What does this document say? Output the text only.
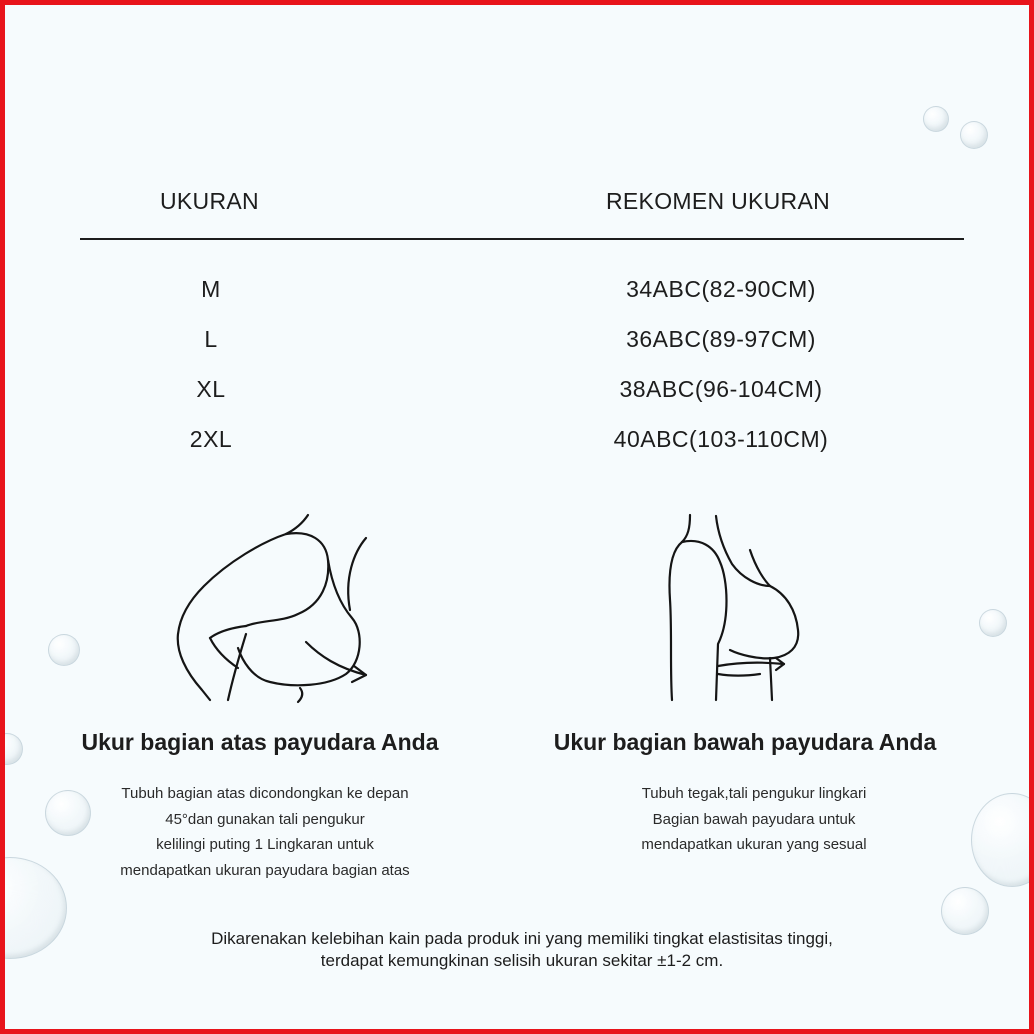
UKURAN	REKOMEN UKURAN
M	34ABC(82-90CM)
L	36ABC(89-97CM)
XL	38ABC(96-104CM)
2XL	40ABC(103-110CM)
Ukur bagian atas payudara Anda	Ukur bagian bawah payudara Anda
Tubuh bagian atas dicondongkan ke depan
45°dan gunakan tali pengukur
kelilingi puting 1 Lingkaran untuk
mendapatkan ukuran payudara bagian atas
Tubuh tegak,tali pengukur lingkari
Bagian bawah payudara untuk
mendapatkan ukuran yang sesual
Dikarenakan kelebihan kain pada produk ini yang memiliki tingkat elastisitas tinggi,
terdapat kemungkinan selisih ukuran sekitar ±1-2 cm.
